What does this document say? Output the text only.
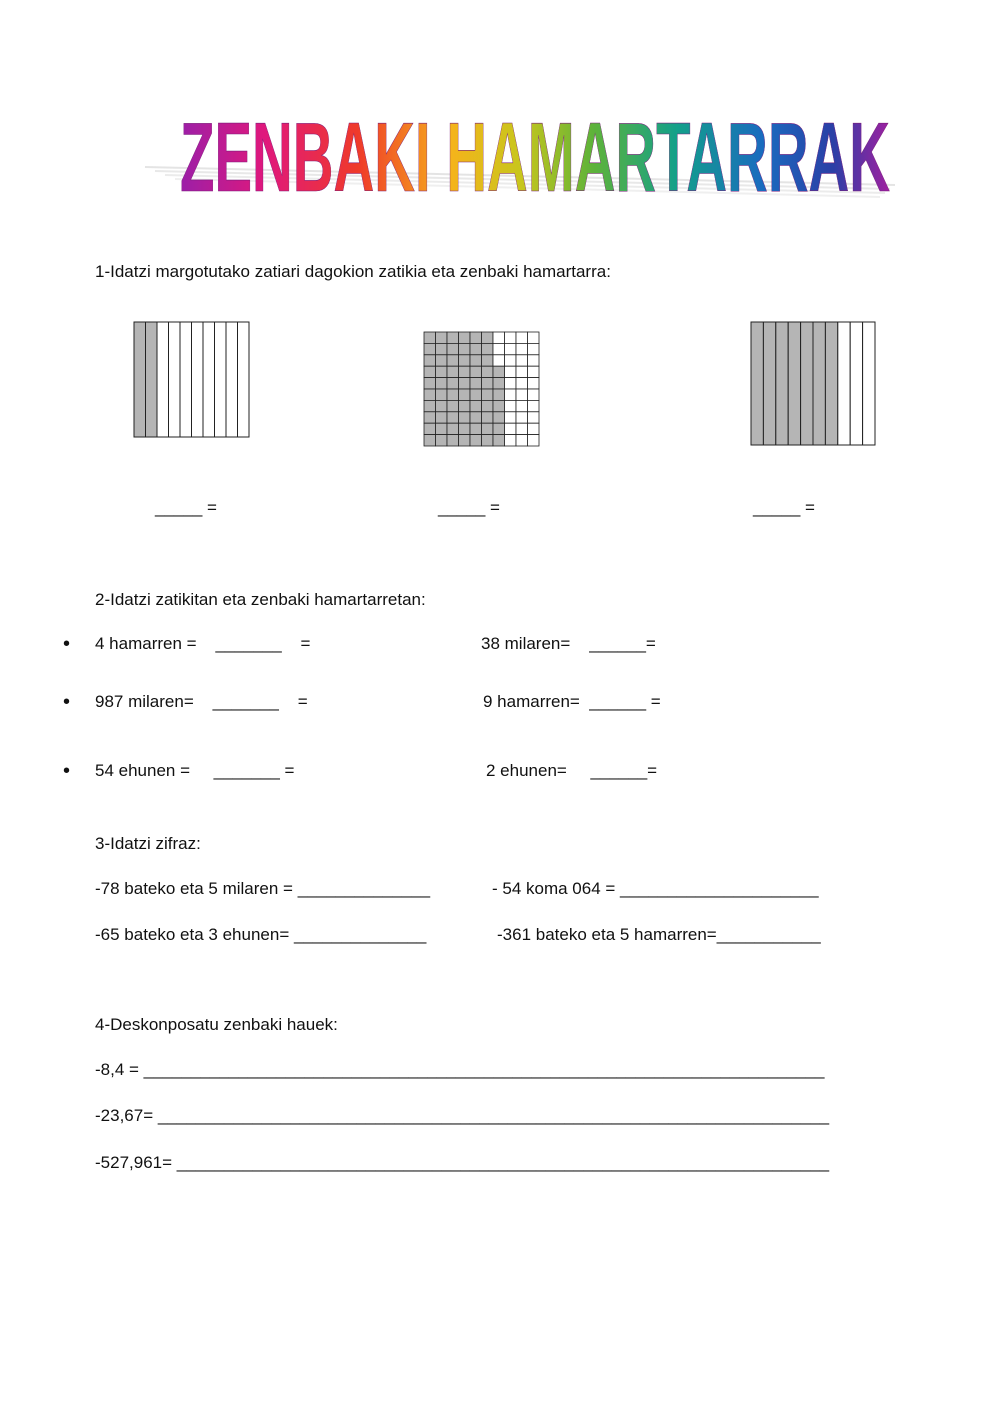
ZENBAKI HAMARTARRAK
1-Idatzi margotutako zatiari dagokion zatikia eta zenbaki hamartarra:
_____ =	_____ =	_____ =
2-Idatzi zatikitan eta zenbaki hamartarretan:
• 4 hamarren =    _______    =	38 milaren=    ______=
• 987 milaren=    _______    =	9 hamarren=  ______ =
• 54 ehunen =     _______ =	2 ehunen=     ______=
3-Idatzi zifraz:
-78 bateko eta 5 milaren = ______________	- 54 koma 064 = _____________________
-65 bateko eta 3 ehunen= ______________	-361 bateko eta 5 hamarren=___________
4-Deskonposatu zenbaki hauek:
-8,4 = ________________________________________________________________________
-23,67= _______________________________________________________________________
-527,961= _____________________________________________________________________
